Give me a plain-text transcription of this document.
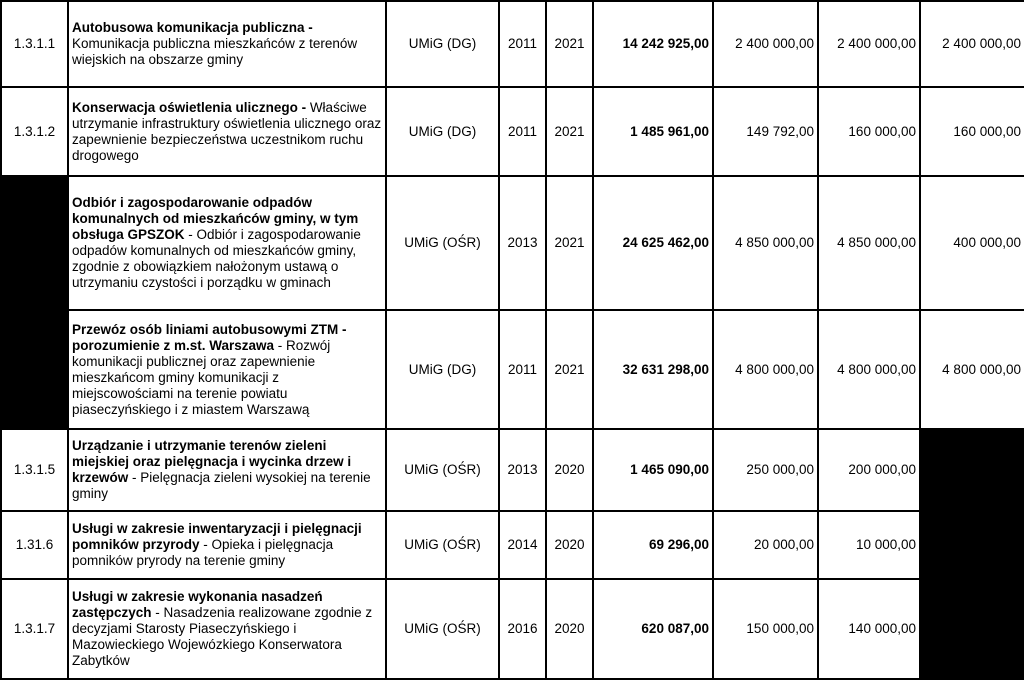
1.3.1.1	Autobusowa komunikacja publiczna - Komunikacja publiczna mieszkańców z terenów wiejskich na obszarze gminy	UMiG (DG)	2011	2021	14 242 925,00	2 400 000,00	2 400 000,00	2 400 000,00
1.3.1.2	Konserwacja oświetlenia ulicznego - Właściwe utrzymanie infrastruktury oświetlenia ulicznego oraz zapewnienie bezpieczeństwa uczestnikom ruchu drogowego	UMiG (DG)	2011	2021	1 485 961,00	149 792,00	160 000,00	160 000,00
	Odbiór i zagospodarowanie odpadów komunalnych od mieszkańców gminy, w tym obsługa GPSZOK - Odbiór i zagospodarowanie odpadów komunalnych od mieszkańców gminy, zgodnie z obowiązkiem nałożonym ustawą o utrzymaniu czystości i porządku w gminach	UMiG (OŚR)	2013	2021	24 625 462,00	4 850 000,00	4 850 000,00	400 000,00
	Przewóz osób liniami autobusowymi ZTM - porozumienie z m.st. Warszawa - Rozwój komunikacji publicznej oraz zapewnienie mieszkańcom gminy komunikacji z miejscowościami na terenie powiatu piaseczyńskiego i z miastem Warszawą	UMiG (DG)	2011	2021	32 631 298,00	4 800 000,00	4 800 000,00	4 800 000,00
1.3.1.5	Urządzanie i utrzymanie terenów zieleni miejskiej oraz pielęgnacja i wycinka drzew i krzewów - Pielęgnacja zieleni wysokiej na terenie gminy	UMiG (OŚR)	2013	2020	1 465 090,00	250 000,00	200 000,00	
1.31.6	Usługi w zakresie inwentaryzacji i pielęgnacji pomników przyrody - Opieka i pielęgnacja pomników pryrody na terenie gminy	UMiG (OŚR)	2014	2020	69 296,00	20 000,00	10 000,00	
1.3.1.7	Usługi w zakresie wykonania nasadzeń zastępczych - Nasadzenia realizowane zgodnie z decyzjami Starosty Piaseczyńskiego i Mazowieckiego Wojewózkiego Konserwatora Zabytków	UMiG (OŚR)	2016	2020	620 087,00	150 000,00	140 000,00	
